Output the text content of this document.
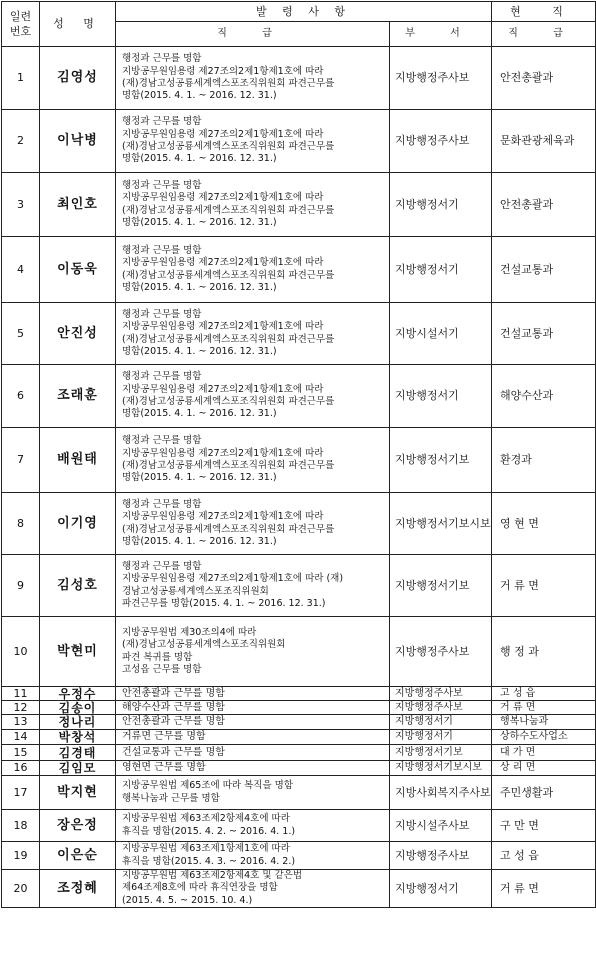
일련
번호	성 명	발 령 사 항		현 직	
		직 급	부 서	직 급	
1	김영성	행정과 근무를 명함
지방공무원임용령 제27조의2제1항제1호에 따라
(재)경남고성공룡세계엑스포조직위원회 파견근무를
명함(2015. 4. 1. ~ 2016. 12. 31.)	지방행정주사보	안전총괄과	
2	이낙병	행정과 근무를 명함
지방공무원임용령 제27조의2제1항제1호에 따라
(재)경남고성공룡세계엑스포조직위원회 파견근무를
명함(2015. 4. 1. ~ 2016. 12. 31.)	지방행정주사보	문화관광체육과	
3	최인호	행정과 근무를 명함
지방공무원임용령 제27조의2제1항제1호에 따라
(재)경남고성공룡세계엑스포조직위원회 파견근무를
명함(2015. 4. 1. ~ 2016. 12. 31.)	지방행정서기	안전총괄과	
4	이동욱	행정과 근무를 명함
지방공무원임용령 제27조의2제1항제1호에 따라
(재)경남고성공룡세계엑스포조직위원회 파견근무를
명함(2015. 4. 1. ~ 2016. 12. 31.)	지방행정서기	건설교통과	
5	안진성	행정과 근무를 명함
지방공무원임용령 제27조의2제1항제1호에 따라
(재)경남고성공룡세계엑스포조직위원회 파견근무를
명함(2015. 4. 1. ~ 2016. 12. 31.)	지방시설서기	건설교통과	
6	조래훈	행정과 근무를 명함
지방공무원임용령 제27조의2제1항제1호에 따라
(재)경남고성공룡세계엑스포조직위원회 파견근무를
명함(2015. 4. 1. ~ 2016. 12. 31.)	지방행정서기	해양수산과	
7	배원태	행정과 근무를 명함
지방공무원임용령 제27조의2제1항제1호에 따라
(재)경남고성공룡세계엑스포조직위원회 파견근무를
명함(2015. 4. 1. ~ 2016. 12. 31.)	지방행정서기보	환경과	
8	이기영	행정과 근무를 명함
지방공무원임용령 제27조의2제1항제1호에 따라
(재)경남고성공룡세계엑스포조직위원회 파견근무를
명함(2015. 4. 1. ~ 2016. 12. 31.)	지방행정서기보시보	영 현 면	
9	김성호	행정과 근무를 명함
지방공무원임용령 제27조의2제1항제1호에 따라 (재)
경남고성공룡세계엑스포조직위원회
파견근무를 명함(2015. 4. 1. ~ 2016. 12. 31.)	지방행정서기보	거 류 면	
10	박현미	지방공무원법 제30조의4에 따라
(재)경남고성공룡세계엑스포조직위원회
파견 복귀를 명함
고성읍 근무를 명함	지방행정주사보	행 정 과	
11	우정수	안전총괄과 근무를 명함	지방행정주사보	고 성 읍	
12	김송이	해양수산과 근무를 명함	지방행정주사보	거 류 면	
13	정나리	안전총괄과 근무를 명함	지방행정서기	행복나눔과	
14	박창석	거류면 근무를 명함	지방행정서기	상하수도사업소	
15	김경태	건설교통과 근무를 명함	지방행정서기보	대 가 면	
16	김임모	영현면 근무를 명함	지방행정서기보시보	상 리 면	
17	박지현	지방공무원법 제65조에 따라 복직을 명함
행복나눔과 근무를 명함	지방사회복지주사보	주민생활과	
18	장은정	지방공무원법 제63조제2항제4호에 따라
휴직을 명함(2015. 4. 2. ~ 2016. 4. 1.)	지방시설주사보	구 만 면	
19	이은순	지방공무원법 제63조제1항제1호에 따라
휴직을 명함(2015. 4. 3. ~ 2016. 4. 2.)	지방행정주사보	고 성 읍	
20	조정혜	지방공무원법 제63조제2항제4호 및 같은법
제64조제8호에 따라 휴직연장을 명함
(2015. 4. 5. ~ 2015. 10. 4.)	지방행정서기	거 류 면	
